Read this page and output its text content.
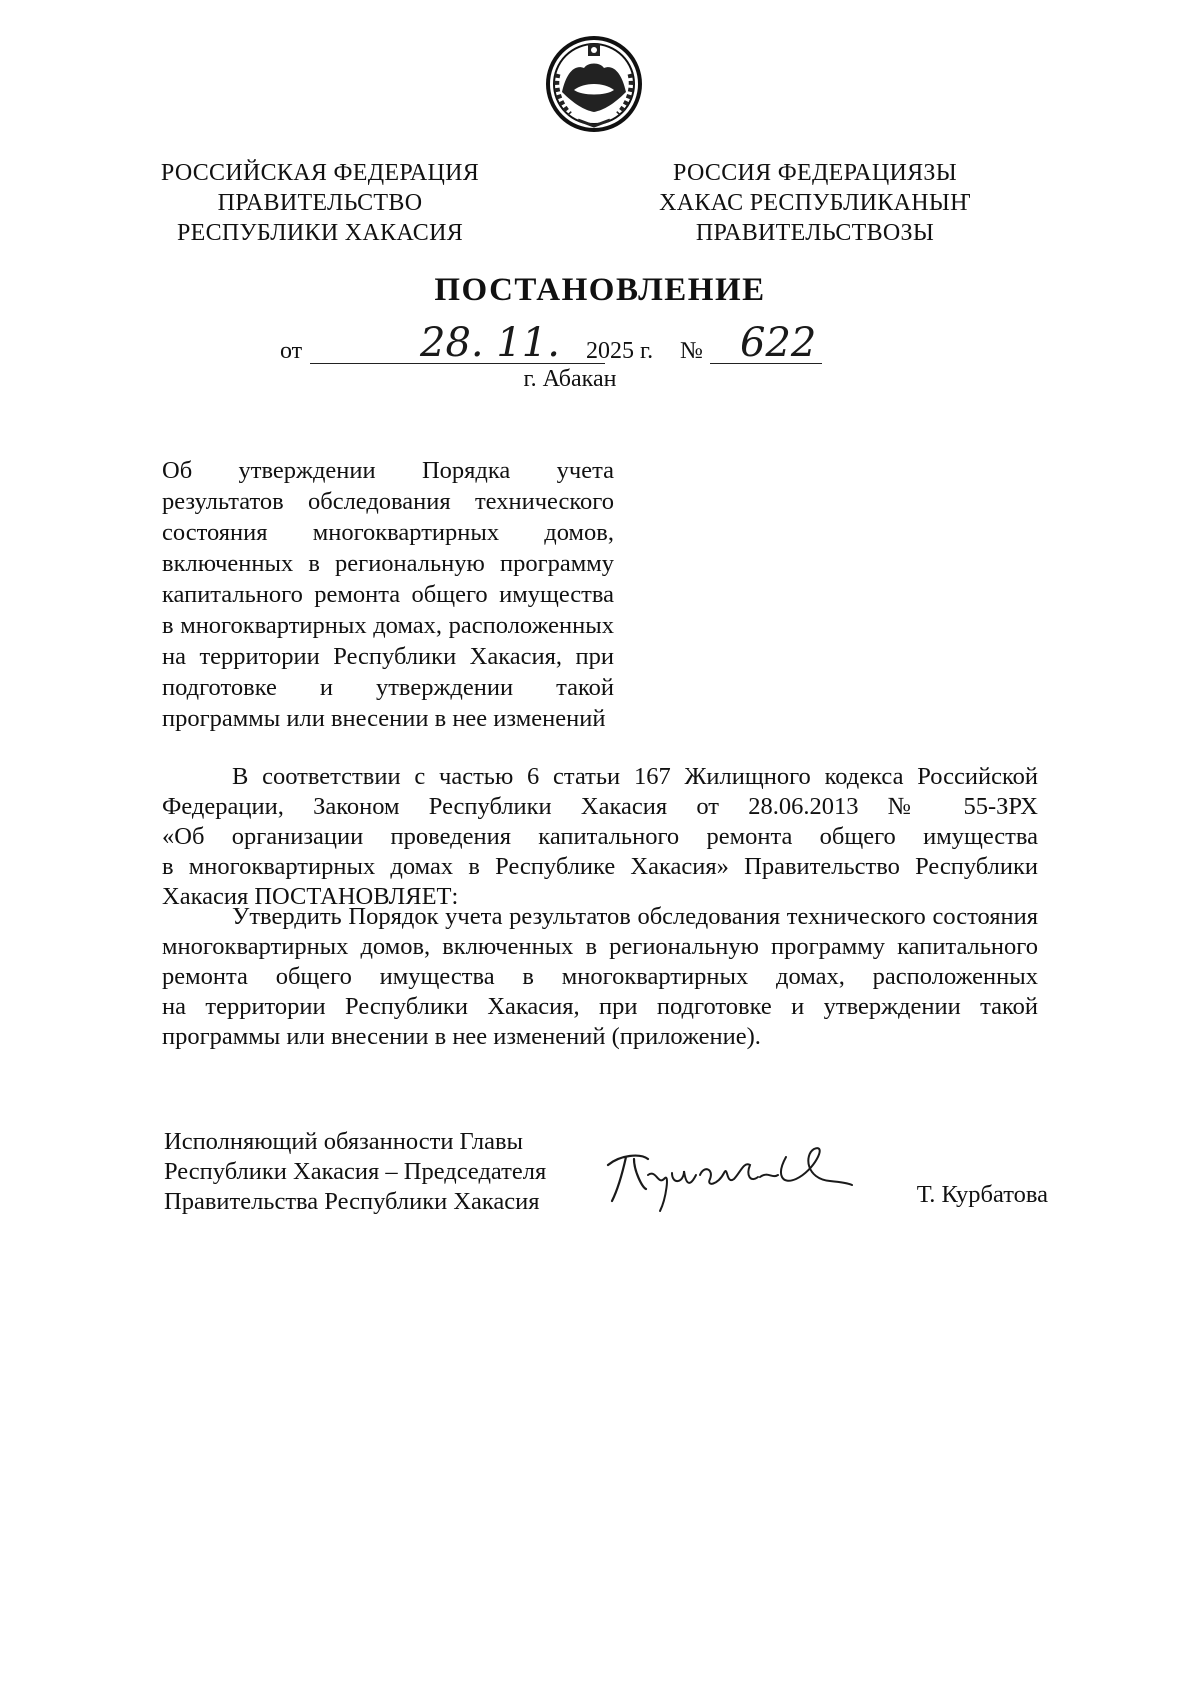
РОССИЙСКАЯ ФЕДЕРАЦИЯ
ПРАВИТЕЛЬСТВО
РЕСПУБЛИКИ ХАКАСИЯ
РОССИЯ ФЕДЕРАЦИЯЗЫ
ХАКАС РЕСПУБЛИКАНЫҤ
ПРАВИТЕЛЬСТВОЗЫ
ПОСТАНОВЛЕНИЕ
от	28. 11. 2025 г. № 622
г. Абакан
Об утверждении Порядка учета
результатов обследования технического
состояния многоквартирных домов,
включенных в региональную программу
капитального ремонта общего имущества
в многоквартирных домах, расположенных
на территории Республики Хакасия, при
подготовке и утверждении такой
программы или внесении в нее изменений
В соответствии с частью 6 статьи 167 Жилищного кодекса Российской
Федерации, Законом Республики Хакасия от 28.06.2013 № 55-ЗРХ
«Об организации проведения капитального ремонта общего имущества
в многоквартирных домах в Республике Хакасия» Правительство Республики
Хакасия ПОСТАНОВЛЯЕТ:
Утвердить Порядок учета результатов обследования технического состояния
многоквартирных домов, включенных в региональную программу капитального
ремонта общего имущества в многоквартирных домах, расположенных
на территории Республики Хакасия, при подготовке и утверждении такой
программы или внесении в нее изменений (приложение).
Исполняющий обязанности Главы
Республики Хакасия – Председателя
Правительства Республики Хакасия	Т. Курбатова
